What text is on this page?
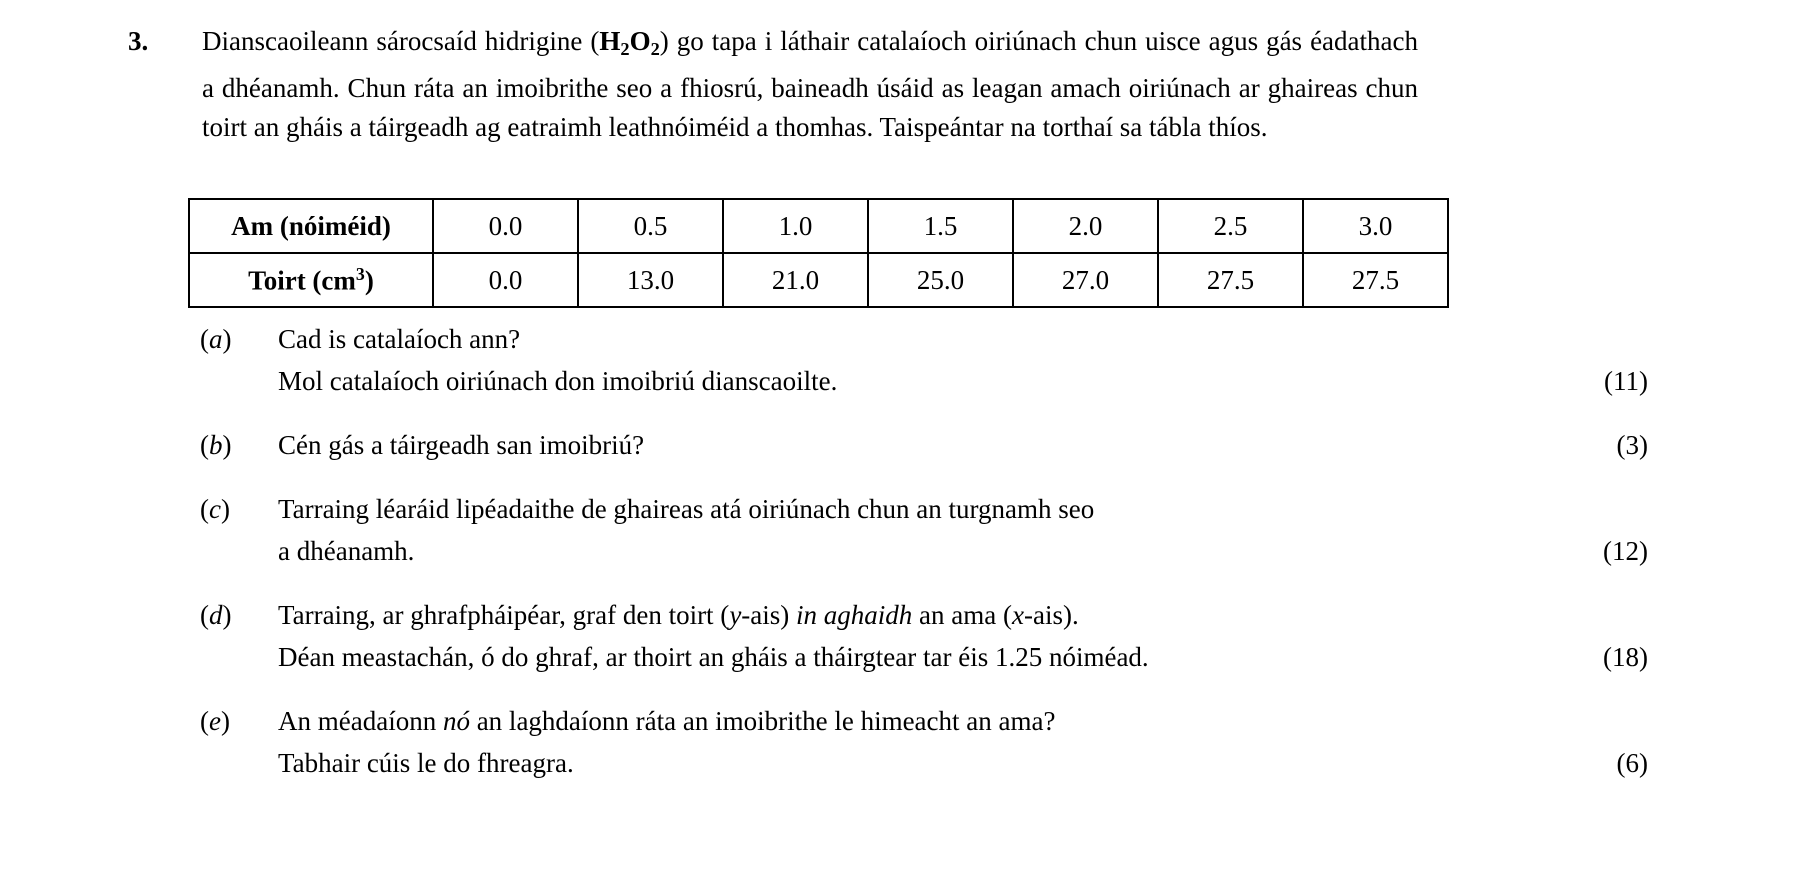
3.	Dianscaoileann sárocsaíd hidrigine $(H_2O_2)$ go tapa i láthair catalaíoch oiriúnach chun uisce agus gás éadathach a dhéanamh. Chun ráta an imoibrithe seo a fhiosrú, baineadh úsáid as leagan amach oiriúnach ar ghaireas chun toirt an gháis a táirgeadh ag eatraimh leathnóiméid a thomhas. Taispeántar na torthaí sa tábla thíos.
Am (nóiméid)	0.0	0.5	1.0	1.5	2.0	2.5	3.0
Toirt $(cm^3)$	0.0	13.0	21.0	25.0	27.0	27.5	27.5
(a)	Cad is catalaíoch ann?
Mol catalaíoch oiriúnach don imoibriú dianscaoilte.	(11)
(b)	Cén gás a táirgeadh san imoibriú?	(3)
(c)	Tarraing léaráid lipéadaithe de ghaireas atá oiriúnach chun an turgnamh seo
a dhéanamh.	(12)
(d)	Tarraing, ar ghrafpháipéar, graf den toirt (y-ais) in aghaidh an ama (x-ais).
Déan meastachán, ó do ghraf, ar thoirt an gháis a tháirgtear tar éis 1.25 nóiméad.	(18)
(e)	An méadaíonn nó an laghdaíonn ráta an imoibrithe le himeacht an ama?
Tabhair cúis le do fhreagra.	(6)
